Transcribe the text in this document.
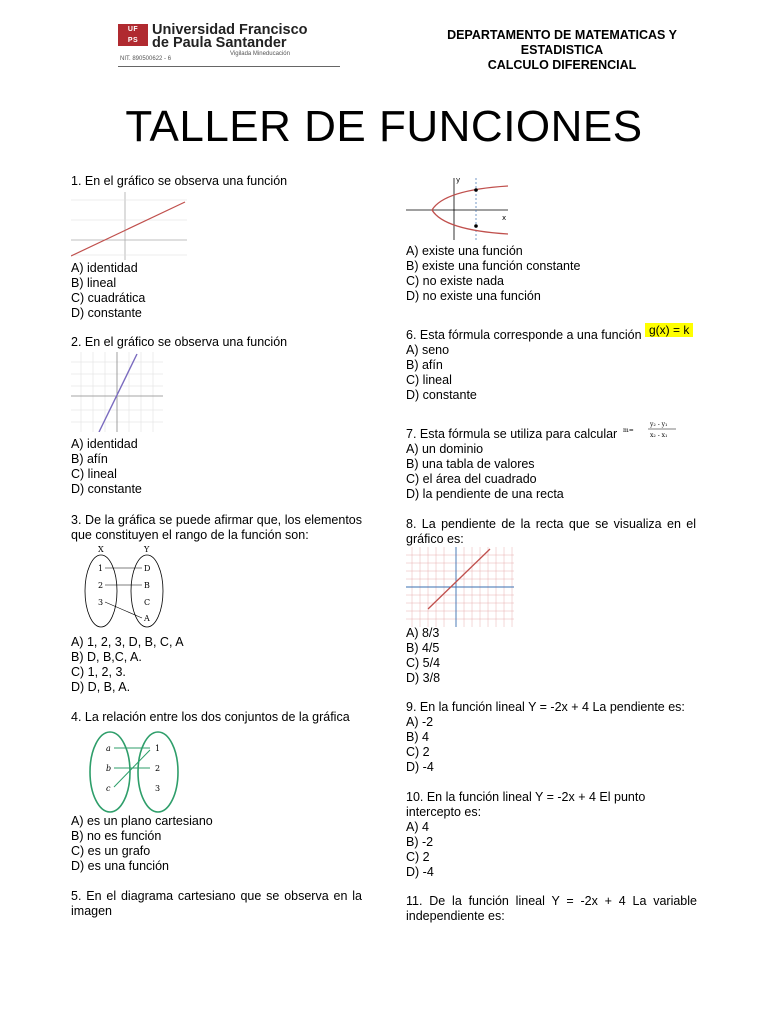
UF
PS
Universidad Francisco
de Paula Santander
Vigilada Mineducación
NIT. 890500622 - 6
DEPARTAMENTO DE MATEMATICAS Y
ESTADISTICA
CALCULO DIFERENCIAL
TALLER DE FUNCIONES
1. En el gráfico se observa una función
A) identidad
B) lineal
C) cuadrática
D) constante
2. En el gráfico se observa una función
A) identidad
B) afín
C) lineal
D) constante
3. De la gráfica se puede afirmar que, los elementos que constituyen el rango de la función son:
X	Y
1
2
3
D
B
C
A
A) 1, 2, 3, D, B, C, A
B) D, B,C, A.
C) 1, 2, 3.
D) D, B, A.
4. La relación entre los dos conjuntos de la gráfica
a
b
c
1
2
3
A) es un plano cartesiano
B) no es función
C) es un grafo
D) es una función
5. En el diagrama cartesiano que se observa en la imagen
y
x
A) existe una función
B) existe una función constante
C) no existe nada
D) no existe una función
6. Esta fórmula corresponde a una función g(x) = k
A) seno
B) afín
C) lineal
D) constante
7. Esta fórmula se utiliza para calcular m=
y₂ - y₁
x₂ - x₁
A) un dominio
B) una tabla de valores
C) el área del cuadrado
D) la pendiente de una recta
8. La pendiente de la recta que se visualiza en el gráfico es:
A) 8/3
B) 4/5
C) 5/4
D) 3/8
9. En la función lineal Y = -2x + 4 La pendiente es:
A) -2
B) 4
C) 2
D) -4
10. En la función lineal Y = -2x + 4 El punto intercepto es:
A) 4
B) -2
C) 2
D) -4
11. De la función lineal Y = -2x + 4 La variable independiente es:
